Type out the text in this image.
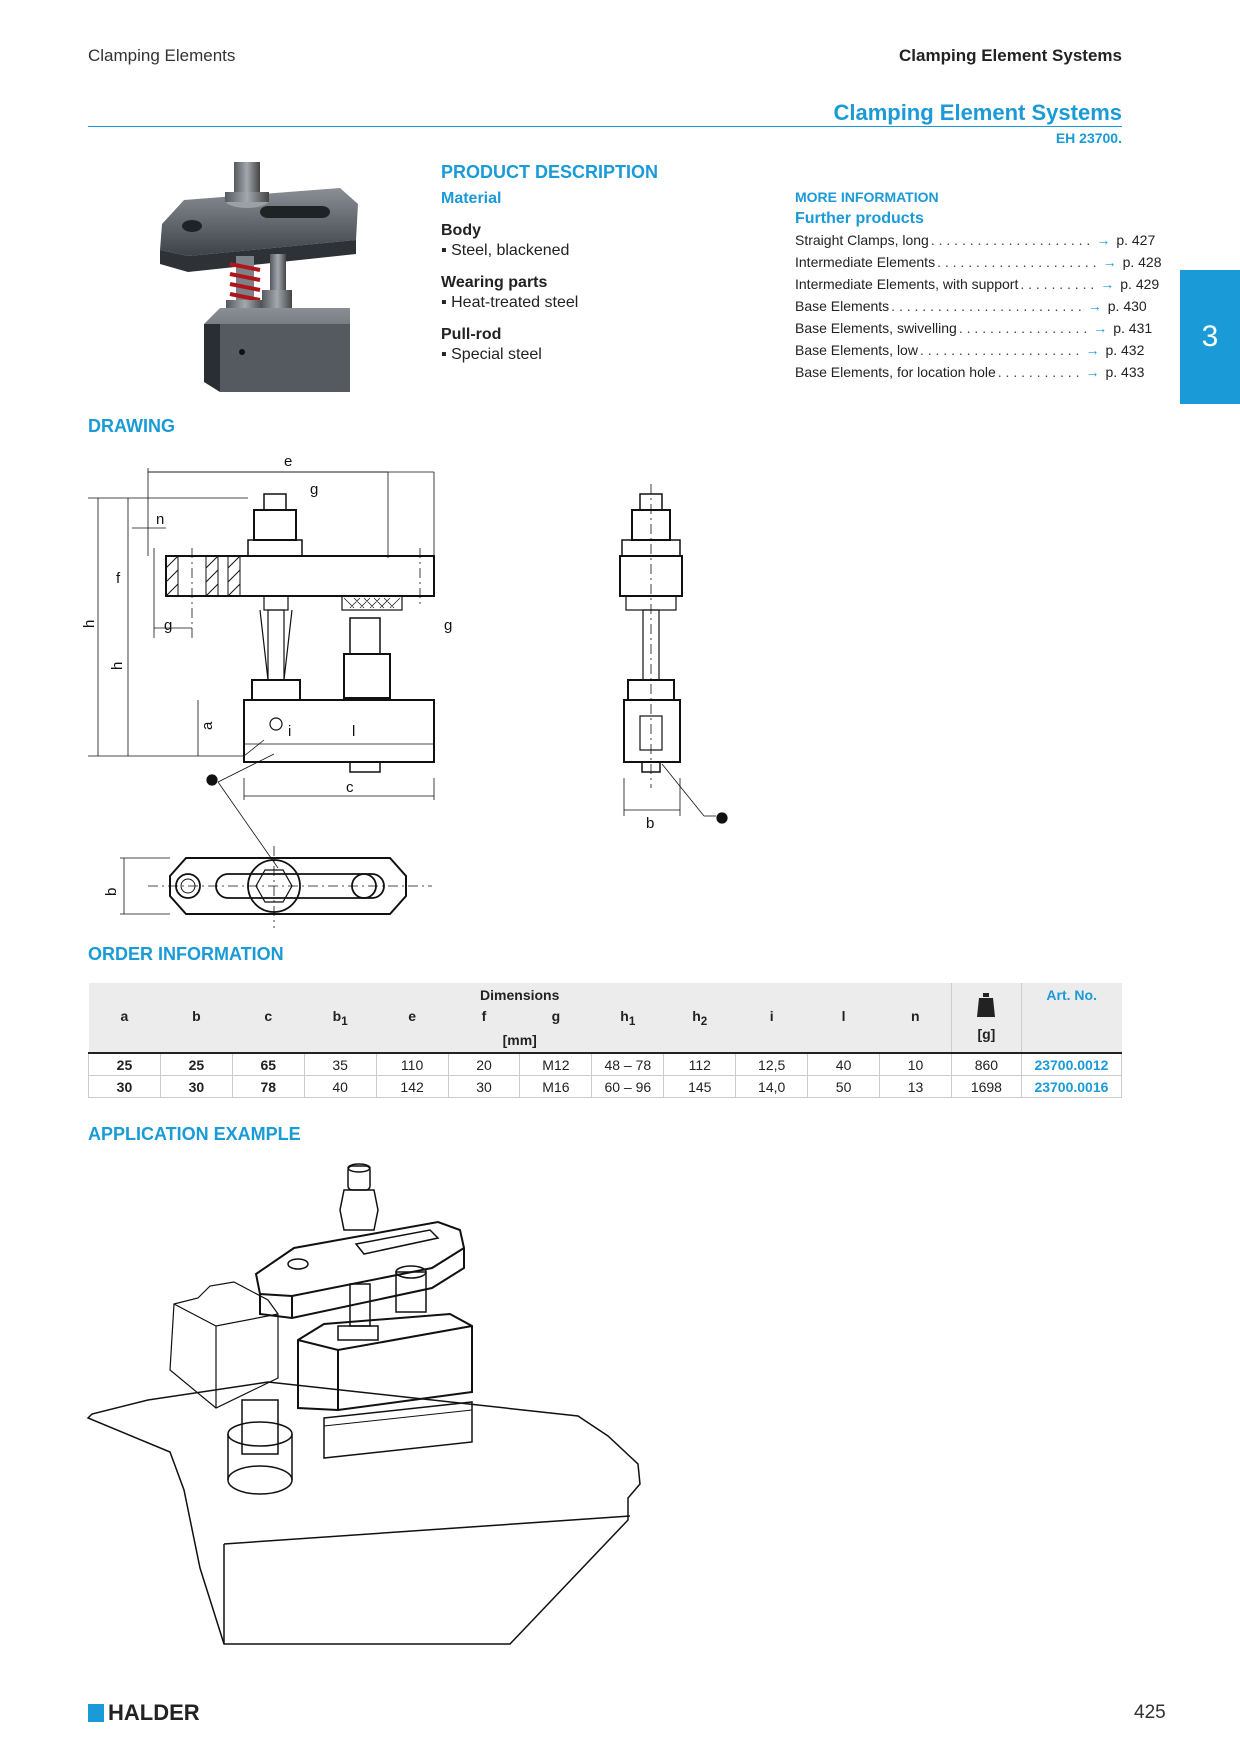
Clamping Elements	Clamping Element Systems
Clamping Element Systems
EH 23700.
3
PRODUCT DESCRIPTION
Material
Body
▪ Steel, blackened
Wearing parts
▪ Heat-treated steel
Pull-rod
▪ Special steel
MORE INFORMATION
Further products
Straight Clamps, long . . . . . . . . . . . . . . . . . . . . . → p. 427
Intermediate Elements . . . . . . . . . . . . . . . . . . . . . → p. 428
Intermediate Elements, with support . . . . . . . . . . → p. 429
Base Elements . . . . . . . . . . . . . . . . . . . . . . . . . → p. 430
Base Elements, swivelling . . . . . . . . . . . . . . . . . → p. 431
Base Elements, low . . . . . . . . . . . . . . . . . . . . . → p. 432
Base Elements, for location hole . . . . . . . . . . . → p. 433
DRAWING
e
g
n
f
g	g
h
h
a	i	l
c
b
b
ORDER INFORMATION
Dimensions												[g]	Art. No.
a	b	c	$b_1$	e	f	g	$h_1$	$h_2$	i	l	n		
[mm]													
25	25	65	35	110	20	M12	48 – 78	112	12,5	40	10	860	23700.0012
30	30	78	40	142	30	M16	60 – 96	145	14,0	50	13	1698	23700.0016
APPLICATION EXAMPLE
HALDER	425
